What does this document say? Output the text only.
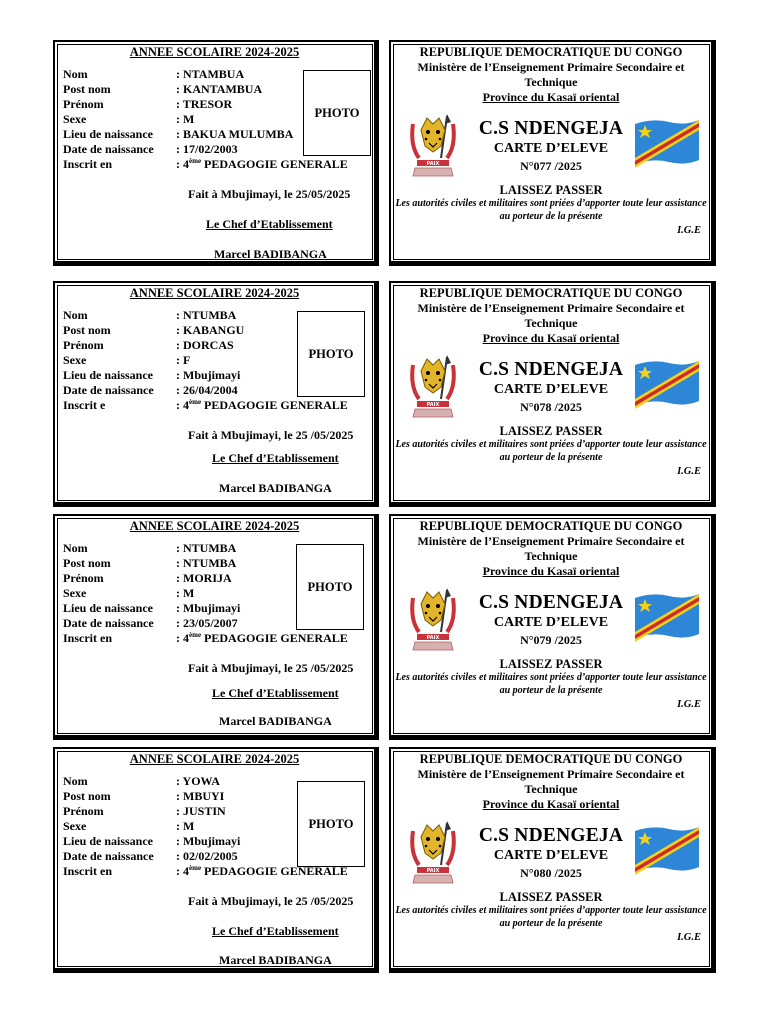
ANNEE SCOLAIRE 2024-2025
Nom	: NTAMBUA
Post nom	: KANTAMBUA
Prénom	: TRESOR
Sexe	: M
Lieu de naissance : BAKUA MULUMBA
Date de naissance : 17/02/2003
Inscrit en	: 4ème PEDAGOGIE GENERALE
PHOTO
Fait à Mbujimayi, le 25/05/2025
Le Chef d’Etablissement
Marcel BADIBANGA
REPUBLIQUE DEMOCRATIQUE DU CONGO
Ministère de l’Enseignement Primaire Secondaire et Technique
Province du Kasaï oriental
PAIX
C.S NDENGEJA
CARTE D’ELEVE
N°077 /2025
LAISSEZ PASSER
Les autorités civiles et militaires sont priées d’apporter toute leur assistance au porteur de la présente
I.G.E
ANNEE SCOLAIRE 2024-2025
Nom	: NTUMBA
Post nom	: KABANGU
Prénom	: DORCAS
Sexe	: F
Lieu de naissance : Mbujimayi
Date de naissance : 26/04/2004
Inscrit e	: 4ème PEDAGOGIE GENERALE
PHOTO
Fait à Mbujimayi, le 25 /05/2025
Le Chef d’Etablissement
Marcel BADIBANGA
REPUBLIQUE DEMOCRATIQUE DU CONGO
Ministère de l’Enseignement Primaire Secondaire et Technique
Province du Kasaï oriental
PAIX
C.S NDENGEJA
CARTE D’ELEVE
N°078 /2025
LAISSEZ PASSER
Les autorités civiles et militaires sont priées d’apporter toute leur assistance au porteur de la présente
I.G.E
ANNEE SCOLAIRE 2024-2025
Nom	: NTUMBA
Post nom	: NTUMBA
Prénom	: MORIJA
Sexe	: M
Lieu de naissance : Mbujimayi
Date de naissance : 23/05/2007
Inscrit en	: 4ème PEDAGOGIE GENERALE
PHOTO
Fait à Mbujimayi, le 25 /05/2025
Le Chef d’Etablissement
Marcel BADIBANGA
REPUBLIQUE DEMOCRATIQUE DU CONGO
Ministère de l’Enseignement Primaire Secondaire et Technique
Province du Kasaï oriental
PAIX
C.S NDENGEJA
CARTE D’ELEVE
N°079 /2025
LAISSEZ PASSER
Les autorités civiles et militaires sont priées d’apporter toute leur assistance au porteur de la présente
I.G.E
ANNEE SCOLAIRE 2024-2025
Nom	: YOWA
Post nom	: MBUYI
Prénom	: JUSTIN
Sexe	: M
Lieu de naissance : Mbujimayi
Date de naissance : 02/02/2005
Inscrit en	: 4ème PEDAGOGIE GENERALE
PHOTO
Fait à Mbujimayi, le 25 /05/2025
Le Chef d’Etablissement
Marcel BADIBANGA
REPUBLIQUE DEMOCRATIQUE DU CONGO
Ministère de l’Enseignement Primaire Secondaire et Technique
Province du Kasaï oriental
PAIX
C.S NDENGEJA
CARTE D’ELEVE
N°080 /2025
LAISSEZ PASSER
Les autorités civiles et militaires sont priées d’apporter toute leur assistance au porteur de la présente
I.G.E
